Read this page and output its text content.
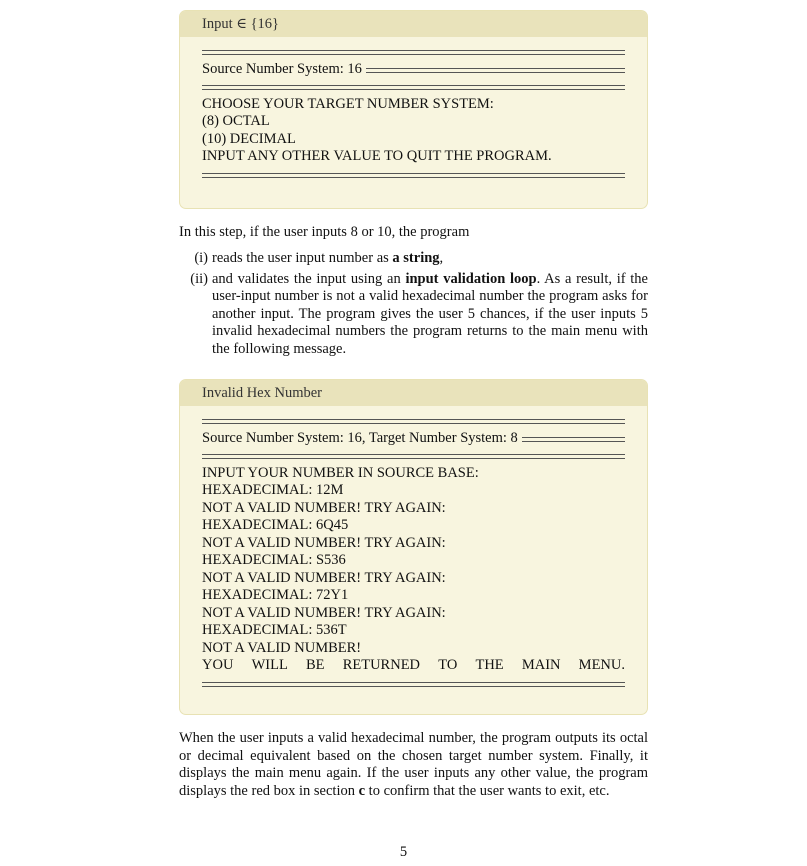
Input ∈ {16}
Source Number System: 16
CHOOSE YOUR TARGET NUMBER SYSTEM:
(8) OCTAL
(10) DECIMAL
INPUT ANY OTHER VALUE TO QUIT THE PROGRAM.
In this step, if the user inputs 8 or 10, the program
(i) reads the user input number as a string,
(ii) and validates the input using an input validation loop. As a result, if the user-input number is not a valid hexadecimal number the program asks for another input. The program gives the user 5 chances, if the user inputs 5 invalid hexadecimal numbers the program returns to the main menu with the following message.
Invalid Hex Number
Source Number System: 16, Target Number System: 8
INPUT YOUR NUMBER IN SOURCE BASE:
HEXADECIMAL: 12M
NOT A VALID NUMBER! TRY AGAIN:
HEXADECIMAL: 6Q45
NOT A VALID NUMBER! TRY AGAIN:
HEXADECIMAL: S536
NOT A VALID NUMBER! TRY AGAIN:
HEXADECIMAL: 72Y1
NOT A VALID NUMBER! TRY AGAIN:
HEXADECIMAL: 536T
NOT A VALID NUMBER!
YOU WILL BE RETURNED TO THE MAIN MENU.
When the user inputs a valid hexadecimal number, the program outputs its octal or decimal equivalent based on the chosen target number system. Finally, it displays the main menu again. If the user inputs any other value, the program displays the red box in section c to confirm that the user wants to exit, etc.
5
